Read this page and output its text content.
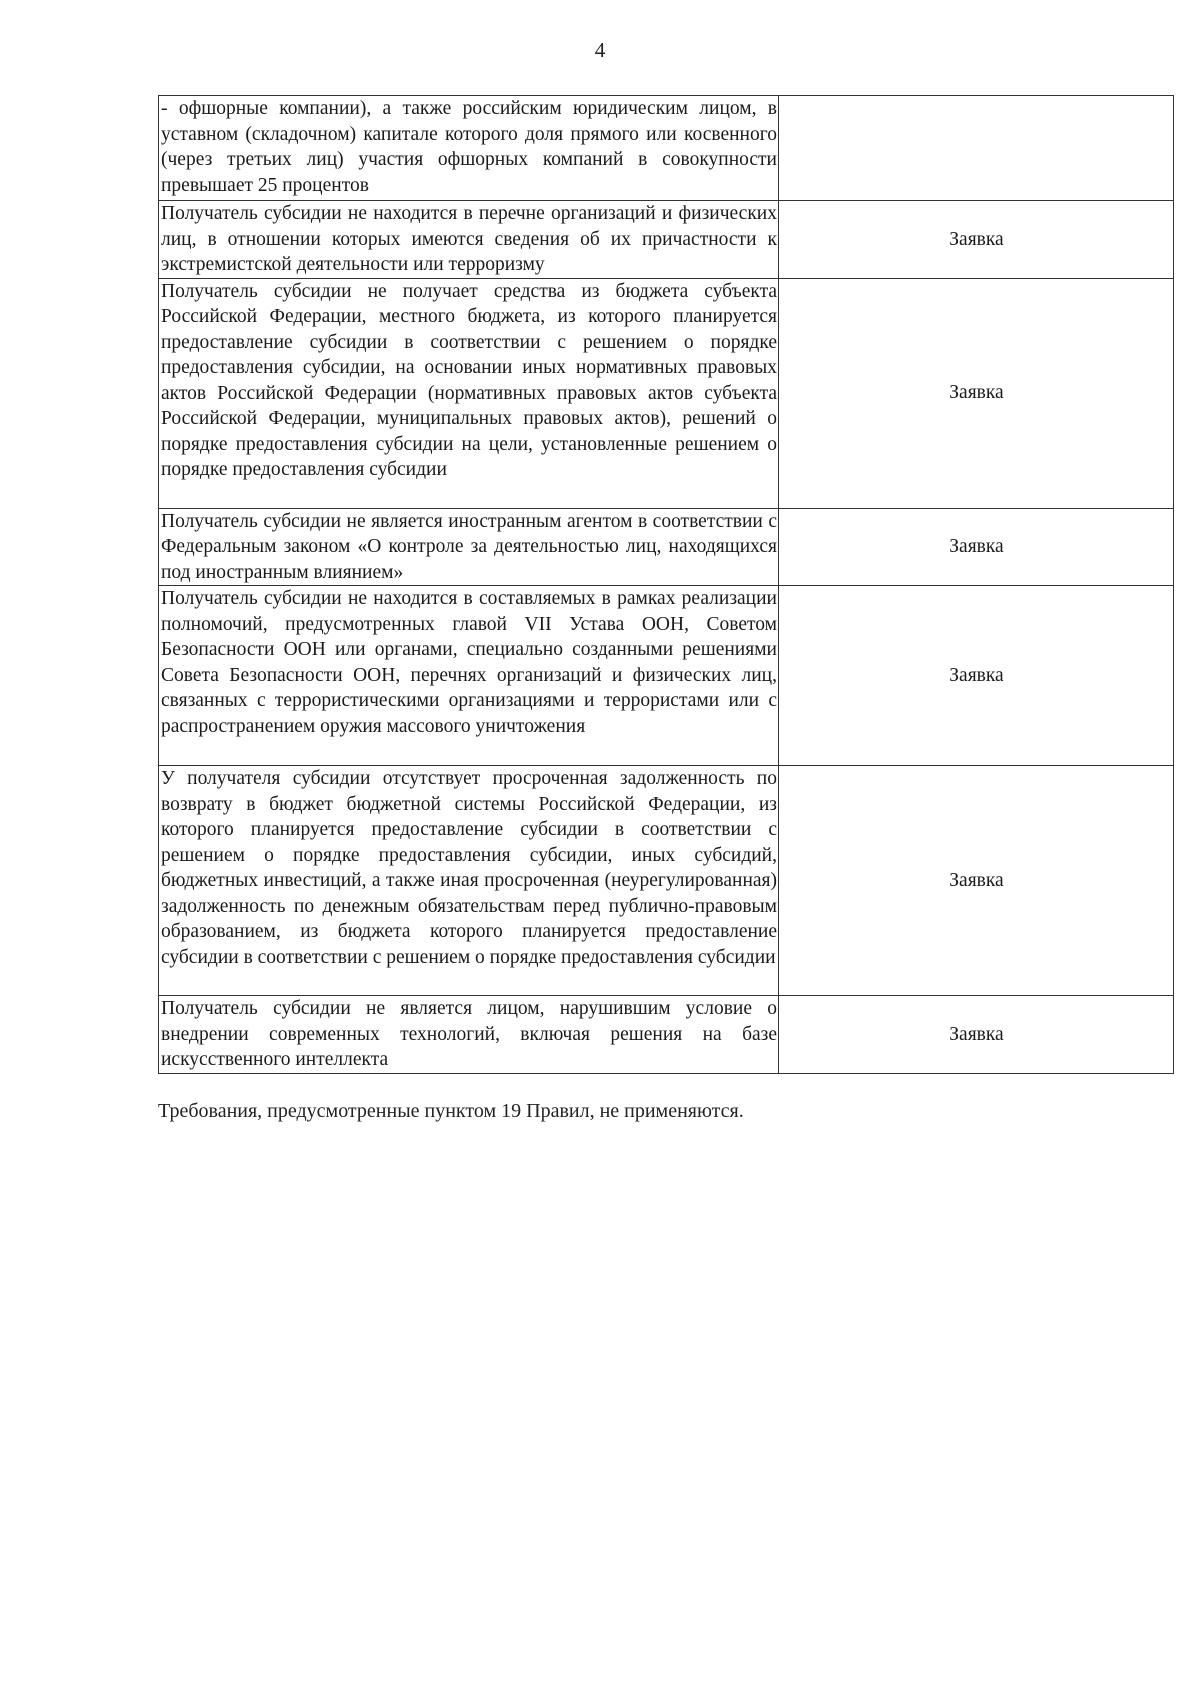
4
- офшорные компании), а также российским юридическим лицом, в уставном (складочном) капитале которого доля прямого или косвенного (через третьих лиц) участия офшорных компаний в совокупности превышает 25 процентов	
Получатель субсидии не находится в перечне организаций и физических лиц, в отношении которых имеются сведения об их причастности к экстремистской деятельности или терроризму	Заявка
Получатель субсидии не получает средства из бюджета субъекта Российской Федерации, местного бюджета, из которого планируется предоставление субсидии в соответствии с решением о порядке предоставления субсидии, на основании иных нормативных правовых актов Российской Федерации (нормативных правовых актов субъекта Российской Федерации, муниципальных правовых актов), решений о порядке предоставления субсидии на цели, установленные решением о порядке предоставления субсидии	Заявка
Получатель субсидии не является иностранным агентом в соответствии с Федеральным законом «О контроле за деятельностью лиц, находящихся под иностранным влиянием»	Заявка
Получатель субсидии не находится в составляемых в рамках реализации полномочий, предусмотренных главой VII Устава ООН, Советом Безопасности ООН или органами, специально созданными решениями Совета Безопасности ООН, перечнях организаций и физических лиц, связанных с террористическими организациями и террористами или с распространением оружия массового уничтожения	Заявка
У получателя субсидии отсутствует просроченная задолженность по возврату в бюджет бюджетной системы Российской Федерации, из которого планируется предоставление субсидии в соответствии с решением о порядке предоставления субсидии, иных субсидий, бюджетных инвестиций, а также иная просроченная (неурегулированная) задолженность по денежным обязательствам перед публично-правовым образованием, из бюджета которого планируется предоставление субсидии в соответствии с решением о порядке предоставления субсидии	Заявка
Получатель субсидии не является лицом, нарушившим условие о внедрении современных технологий, включая решения на базе искусственного интеллекта	Заявка
Требования, предусмотренные пунктом 19 Правил, не применяются.
